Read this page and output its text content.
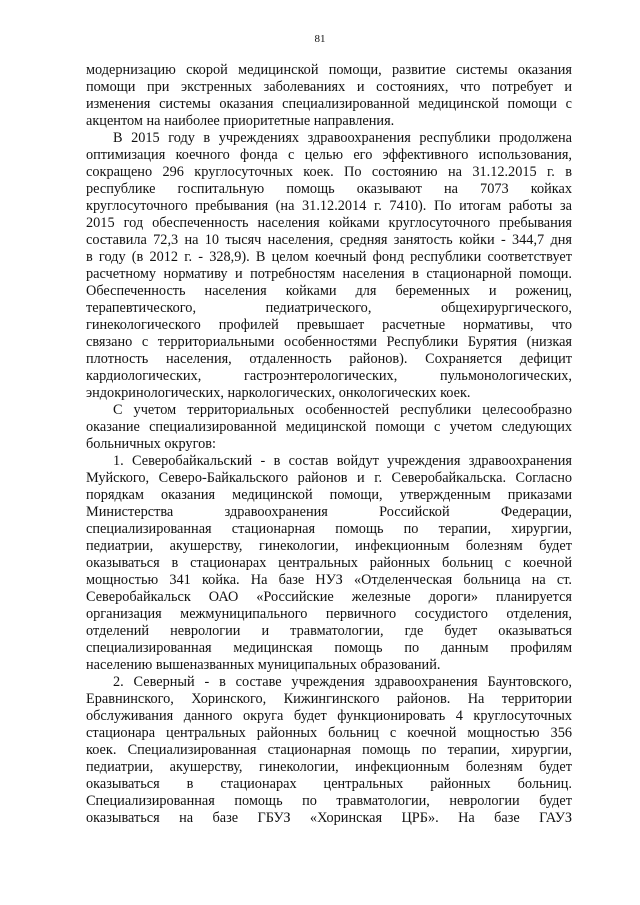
81
модернизацию скорой медицинской помощи, развитие системы оказания
помощи при экстренных заболеваниях и состояниях, что потребует и
изменения системы оказания специализированной медицинской помощи с
акцентом на наиболее приоритетные направления.
В 2015 году в учреждениях здравоохранения республики продолжена
оптимизация коечного фонда с целью его эффективного использования,
сокращено 296 круглосуточных коек. По состоянию на 31.12.2015 г. в
республике госпитальную помощь оказывают на 7073 койках
круглосуточного пребывания (на 31.12.2014 г. 7410). По итогам работы за
2015 год обеспеченность населения койками круглосуточного пребывания
составила 72,3 на 10 тысяч населения, средняя занятость койки - 344,7 дня
в году (в 2012 г. - 328,9). В целом коечный фонд республики соответствует
расчетному нормативу и потребностям населения в стационарной помощи.
Обеспеченность населения койками для беременных и рожениц,
терапевтического, педиатрического, общехирургического,
гинекологического профилей превышает расчетные нормативы, что
связано с территориальными особенностями Республики Бурятия (низкая
плотность населения, отдаленность районов). Сохраняется дефицит
кардиологических, гастроэнтерологических, пульмонологических,
эндокринологических, наркологических, онкологических коек.
С учетом территориальных особенностей республики целесообразно
оказание специализированной медицинской помощи с учетом следующих
больничных округов:
1. Северобайкальский - в состав войдут учреждения здравоохранения
Муйского, Северо-Байкальского районов и г. Северобайкальска. Согласно
порядкам оказания медицинской помощи, утвержденным приказами
Министерства здравоохранения Российской Федерации,
специализированная стационарная помощь по терапии, хирургии,
педиатрии, акушерству, гинекологии, инфекционным болезням будет
оказываться в стационарах центральных районных больниц с коечной
мощностью 341 койка. На базе НУЗ «Отделенческая больница на ст.
Северобайкальск ОАО «Российские железные дороги» планируется
организация межмуниципального первичного сосудистого отделения,
отделений неврологии и травматологии, где будет оказываться
специализированная медицинская помощь по данным профилям
населению вышеназванных муниципальных образований.
2. Северный - в составе учреждения здравоохранения Баунтовского,
Еравнинского, Хоринского, Кижингинского районов. На территории
обслуживания данного округа будет функционировать 4 круглосуточных
стационара центральных районных больниц с коечной мощностью 356
коек. Специализированная стационарная помощь по терапии, хирургии,
педиатрии, акушерству, гинекологии, инфекционным болезням будет
оказываться в стационарах центральных районных больниц.
Специализированная помощь по травматологии, неврологии будет
оказываться на базе ГБУЗ «Хоринская ЦРБ». На базе ГАУЗ
